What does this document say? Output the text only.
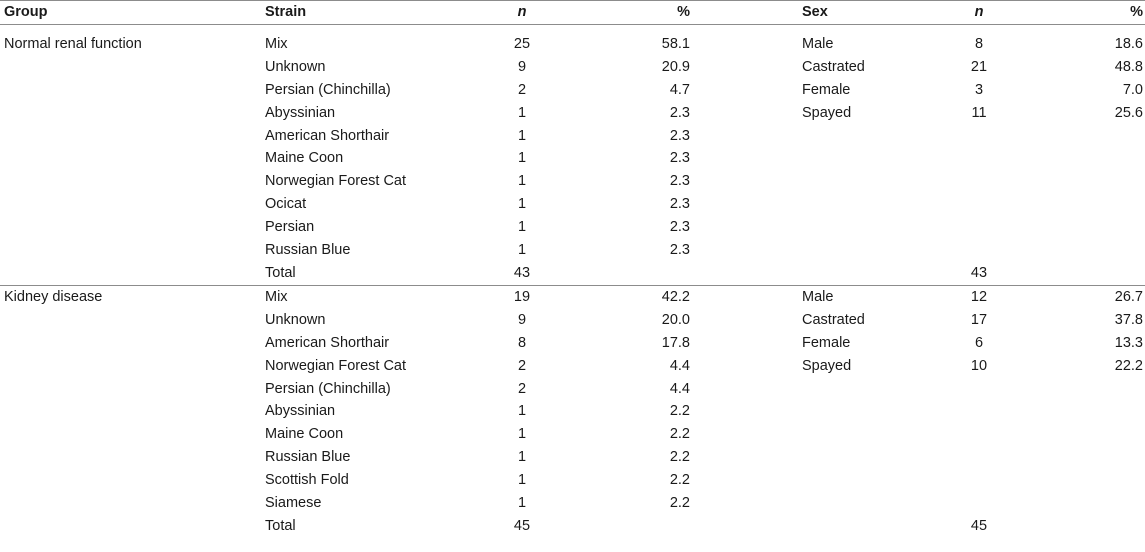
Group	Strain	n	%		Sex	n	%
Normal renal function	Mix	25	58.1		Male	8	18.6
	Unknown	9	20.9		Castrated	21	48.8
	Persian (Chinchilla)	2	4.7		Female	3	7.0
	Abyssinian	1	2.3		Spayed	11	25.6
	American Shorthair	1	2.3				
	Maine Coon	1	2.3				
	Norwegian Forest Cat	1	2.3				
	Ocicat	1	2.3				
	Persian	1	2.3				
	Russian Blue	1	2.3				
	Total	43				43	
Kidney disease	Mix	19	42.2		Male	12	26.7
	Unknown	9	20.0		Castrated	17	37.8
	American Shorthair	8	17.8		Female	6	13.3
	Norwegian Forest Cat	2	4.4		Spayed	10	22.2
	Persian (Chinchilla)	2	4.4				
	Abyssinian	1	2.2				
	Maine Coon	1	2.2				
	Russian Blue	1	2.2				
	Scottish Fold	1	2.2				
	Siamese	1	2.2				
	Total	45				45	
